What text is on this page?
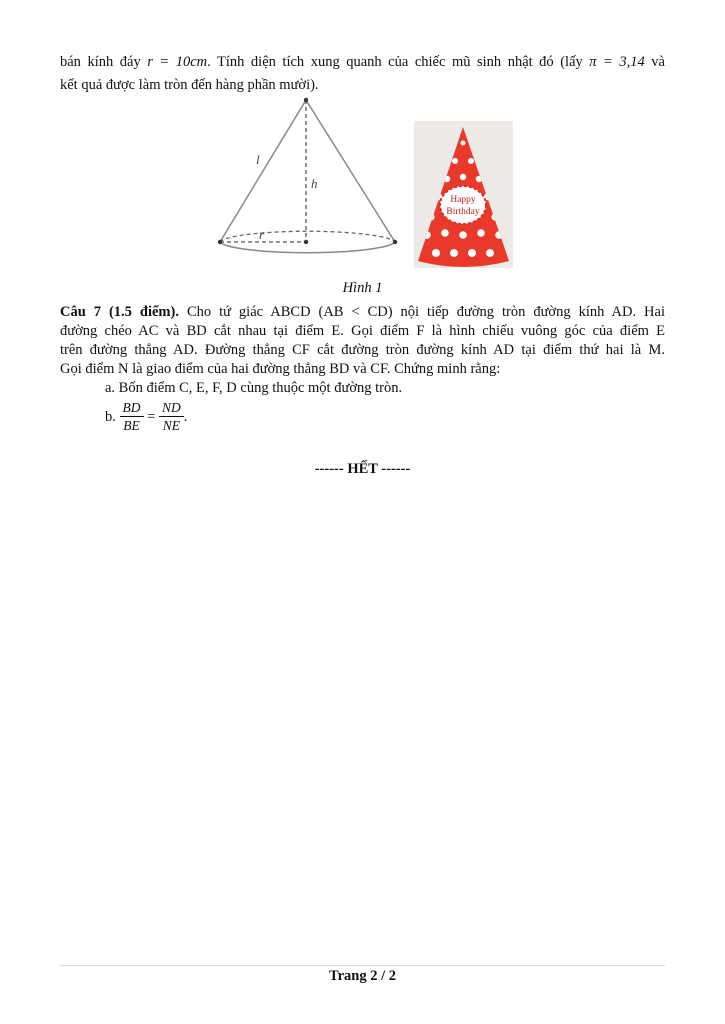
bán kính đáy r = 10cm. Tính diện tích xung quanh của chiếc mũ sinh nhật đó (lấy π = 3,14 và
kết quả được làm tròn đến hàng phần mười).
l
h
r
Happy
Birthday
Hình 1
Câu 7 (1.5 điểm). Cho tứ giác ABCD (AB < CD) nội tiếp đường tròn đường kính AD. Hai
đường chéo AC và BD cắt nhau tại điểm E. Gọi điểm F là hình chiếu vuông góc của điểm E
trên đường thẳng AD. Đường thẳng CF cắt đường tròn đường kính AD tại điểm thứ hai là M.
Gọi điểm N là giao điểm của hai đường thẳng BD và CF. Chứng minh rằng:
a. Bốn điểm C, E, F, D cùng thuộc một đường tròn.
b. $\frac{BD}{BE} = \frac{ND}{NE}$ .
------ HẾT ------
Trang 2 / 2
